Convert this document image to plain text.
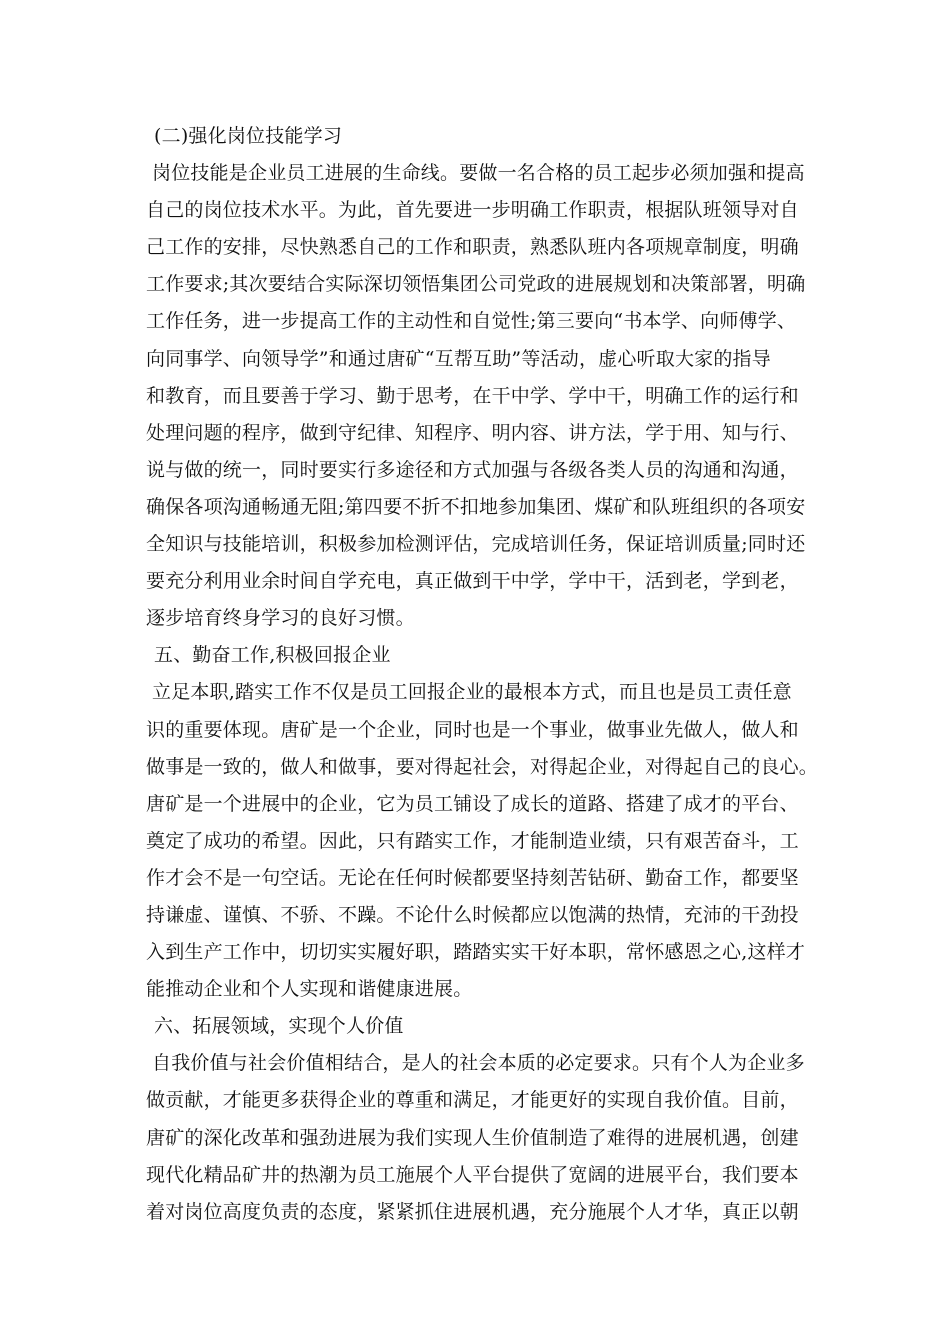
(二)强化岗位技能学习
岗位技能是企业员工进展的生命线。要做一名合格的员工起步必须加强和提高
自己的岗位技术水平。为此，首先要进一步明确工作职责，根据队班领导对自
己工作的安排，尽快熟悉自己的工作和职责，熟悉队班内各项规章制度，明确
工作要求;其次要结合实际深切领悟集团公司党政的进展规划和决策部署，明确
工作任务，进一步提高工作的主动性和自觉性;第三要向“书本学、向师傅学、
向同事学、向领导学”和通过唐矿“互帮互助”等活动，虚心听取大家的指导
和教育，而且要善于学习、勤于思考，在干中学、学中干，明确工作的运行和
处理问题的程序，做到守纪律、知程序、明内容、讲方法，学于用、知与行、
说与做的统一，同时要实行多途径和方式加强与各级各类人员的沟通和沟通，
确保各项沟通畅通无阻;第四要不折不扣地参加集团、煤矿和队班组织的各项安
全知识与技能培训，积极参加检测评估，完成培训任务，保证培训质量;同时还
要充分利用业余时间自学充电，真正做到干中学，学中干，活到老，学到老，
逐步培育终身学习的良好习惯。
五、勤奋工作,积极回报企业
立足本职,踏实工作不仅是员工回报企业的最根本方式，而且也是员工责任意
识的重要体现。唐矿是一个企业，同时也是一个事业，做事业先做人，做人和
做事是一致的，做人和做事，要对得起社会，对得起企业，对得起自己的良心。
唐矿是一个进展中的企业，它为员工铺设了成长的道路、搭建了成才的平台、
奠定了成功的希望。因此，只有踏实工作，才能制造业绩，只有艰苦奋斗，工
作才会不是一句空话。无论在任何时候都要坚持刻苦钻研、勤奋工作，都要坚
持谦虚、谨慎、不骄、不躁。不论什么时候都应以饱满的热情，充沛的干劲投
入到生产工作中，切切实实履好职，踏踏实实干好本职，常怀感恩之心,这样才
能推动企业和个人实现和谐健康进展。
六、拓展领域，实现个人价值
自我价值与社会价值相结合，是人的社会本质的必定要求。只有个人为企业多
做贡献，才能更多获得企业的尊重和满足，才能更好的实现自我价值。目前，
唐矿的深化改革和强劲进展为我们实现人生价值制造了难得的进展机遇，创建
现代化精品矿井的热潮为员工施展个人平台提供了宽阔的进展平台，我们要本
着对岗位高度负责的态度，紧紧抓住进展机遇，充分施展个人才华，真正以朝
